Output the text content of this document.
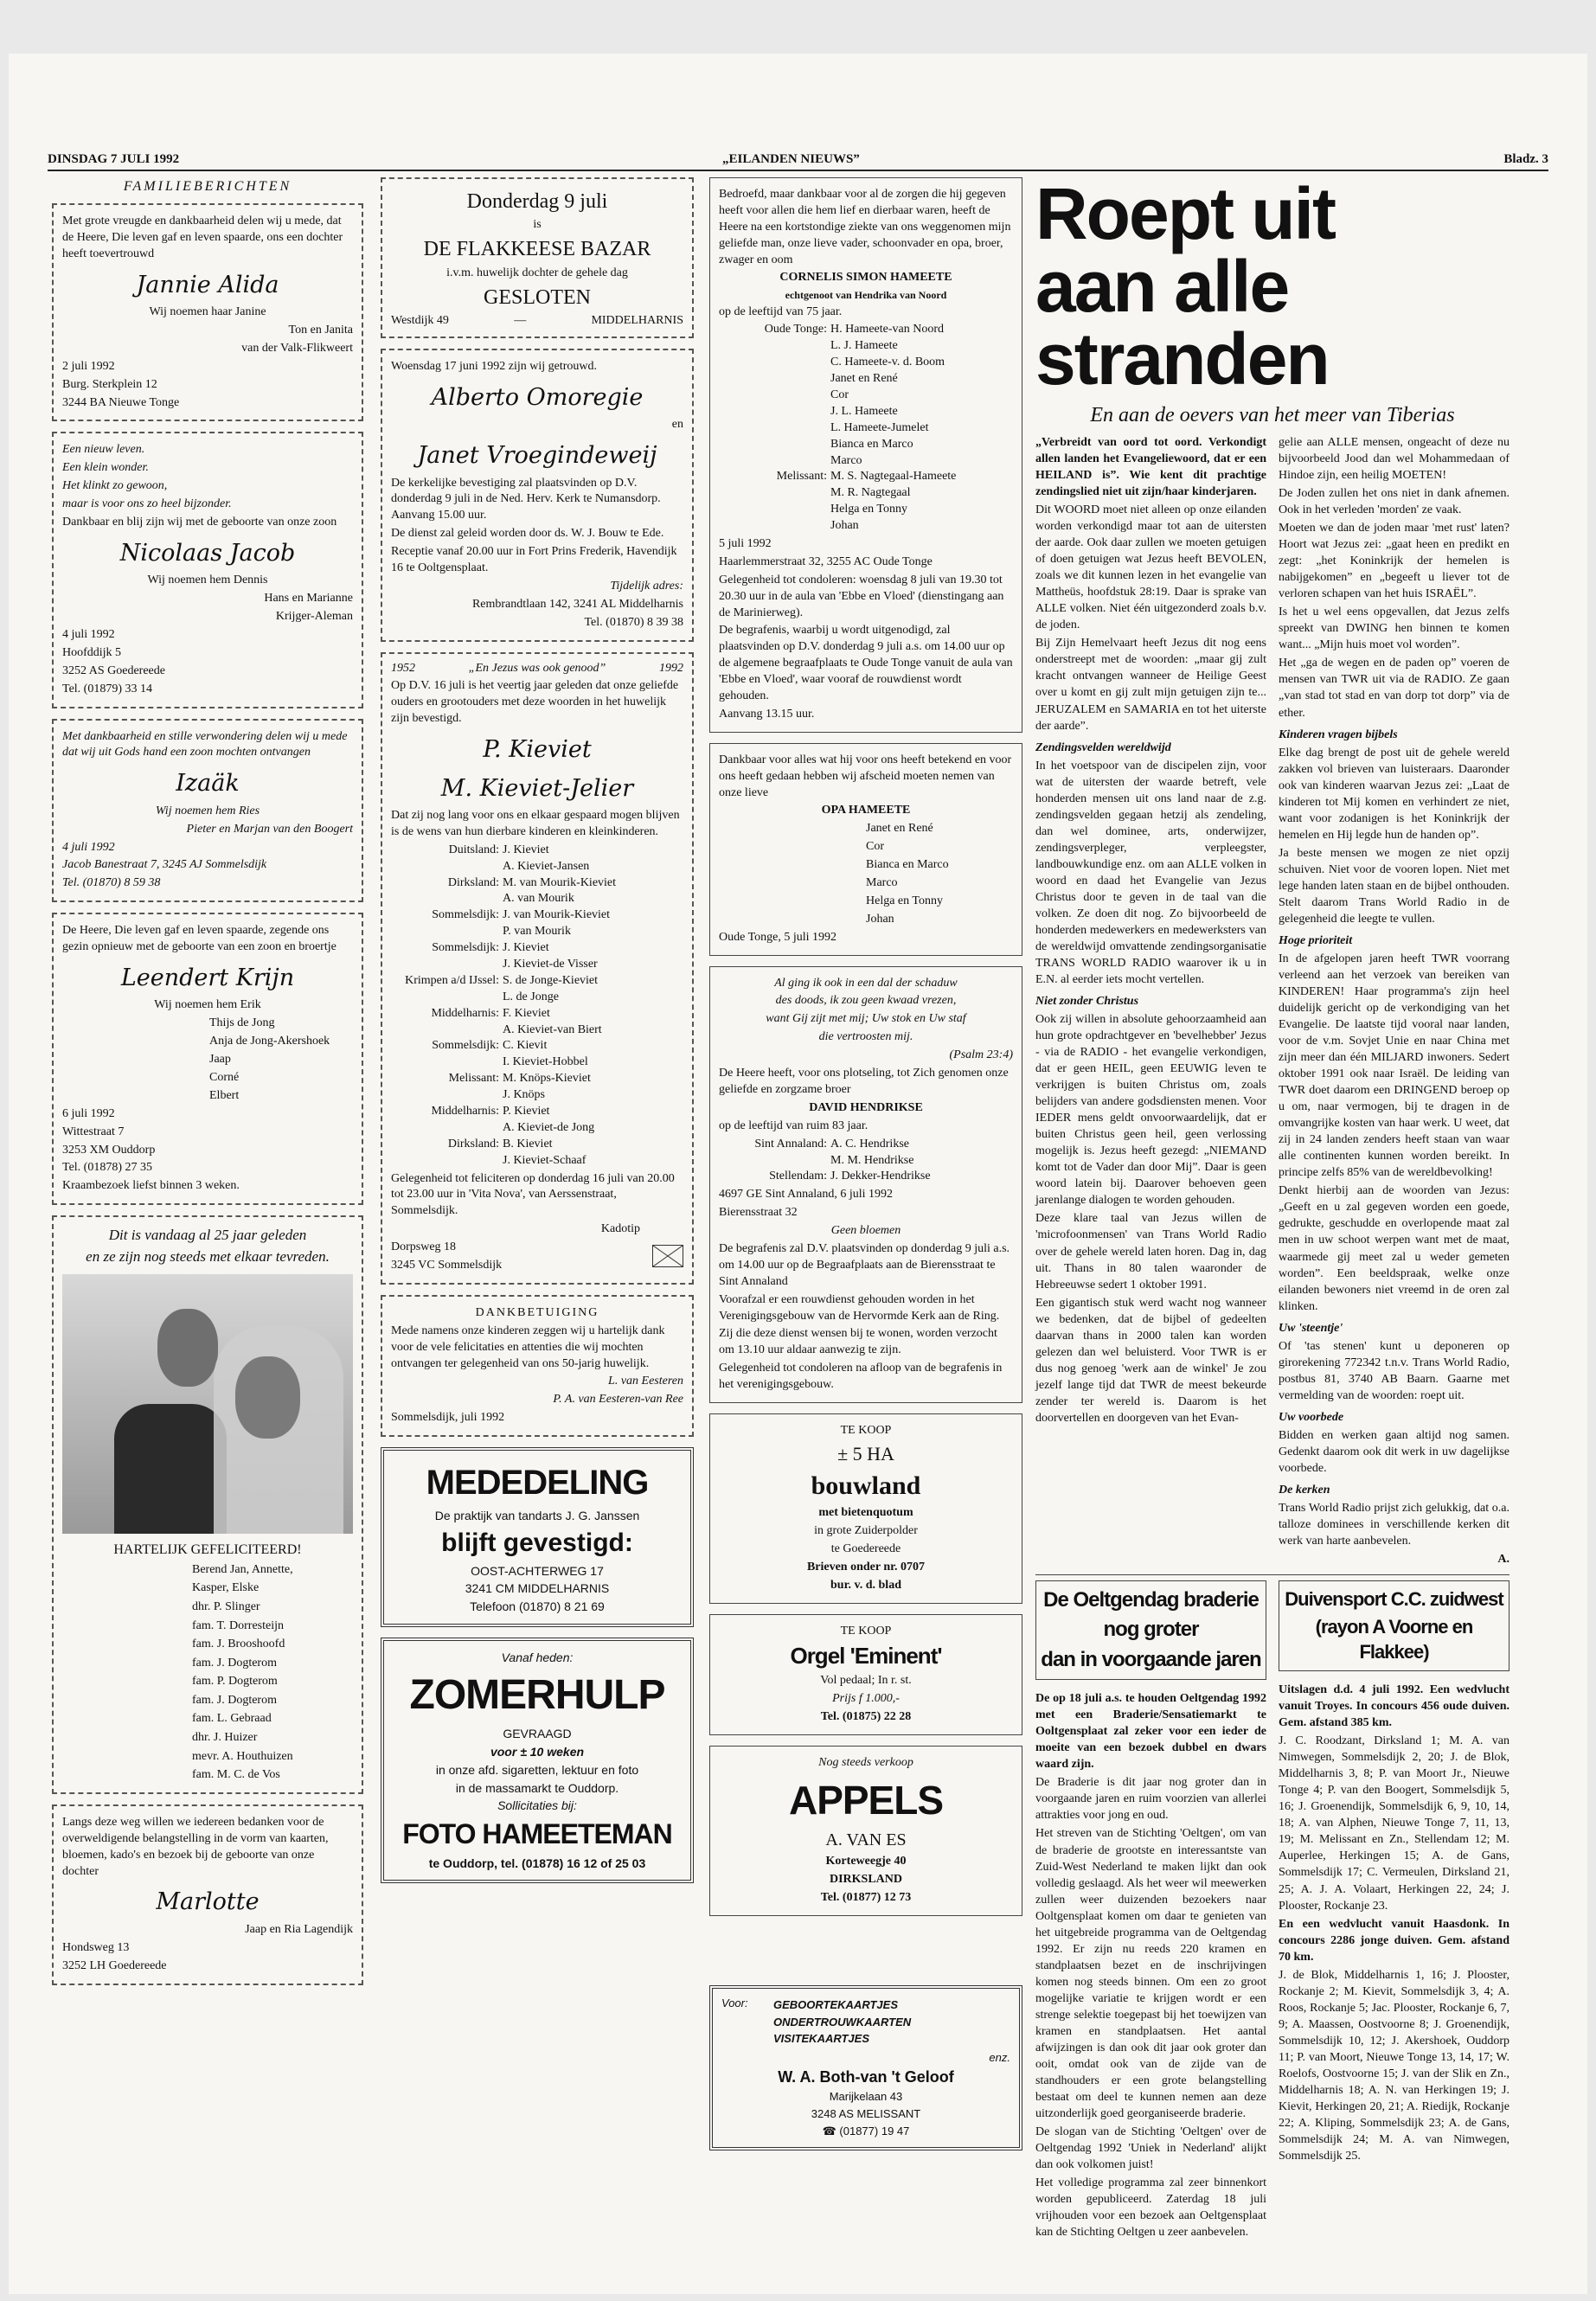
DINSDAG 7 JULI 1992	„EILANDEN NIEUWS”	Bladz. 3
FAMILIEBERICHTEN

Met grote vreugde en dankbaarheid delen wij u mede, dat de Heere, Die leven gaf en leven spaarde, ons een dochter heeft toevertrouwd

Jannie Alida

Wij noemen haar Janine

Ton en Janita

van der Valk-Flikweert

2 juli 1992

Burg. Sterkplein 12

3244 BA Nieuwe Tonge

Een nieuw leven.

Een klein wonder.

Het klinkt zo gewoon,

maar is voor ons zo heel bijzonder.

Dankbaar en blij zijn wij met de geboorte van onze zoon

Nicolaas Jacob

Wij noemen hem Dennis

Hans en Marianne

Krijger-Aleman

4 juli 1992

Hoofddijk 5

3252 AS Goedereede

Tel. (01879) 33 14

Met dankbaarheid en stille verwondering delen wij u mede dat wij uit Gods hand een zoon mochten ontvangen

Izaäk

Wij noemen hem Ries

Pieter en Marjan van den Boogert

4 juli 1992

Jacob Banestraat 7, 3245 AJ Sommelsdijk

Tel. (01870) 8 59 38

De Heere, Die leven gaf en leven spaarde, zegende ons gezin opnieuw met de geboorte van een zoon en broertje

Leendert Krijn

Wij noemen hem Erik

Thijs de Jong

Anja de Jong-Akershoek

Jaap

Corné

Elbert

6 juli 1992

Wittestraat 7

3253 XM Ouddorp

Tel. (01878) 27 35

Kraambezoek liefst binnen 3 weken.

Dit is vandaag al 25 jaar geleden

en ze zijn nog steeds met elkaar tevreden.

HARTELIJK GEFELICITEERD!

Berend Jan, Annette,

Kasper, Elske

dhr. P. Slinger

fam. T. Dorresteijn

fam. J. Brooshoofd

fam. J. Dogterom

fam. P. Dogterom

fam. J. Dogterom

fam. L. Gebraad

dhr. J. Huizer

mevr. A. Houthuizen

fam. M. C. de Vos

Langs deze weg willen we iedereen bedanken voor de overweldigende belangstelling in de vorm van kaarten, bloemen, kado's en bezoek bij de geboorte van onze dochter

Marlotte

Jaap en Ria Lagendijk

Hondsweg 13

3252 LH Goedereede

Donderdag 9 juli

is

DE FLAKKEESE BAZAR

i.v.m. huwelijk dochter de gehele dag

GESLOTEN

Westdijk 49	—	MIDDELHARNIS

Woensdag 17 juni 1992 zijn wij getrouwd.

Alberto Omoregie

en

Janet Vroegindeweij

De kerkelijke bevestiging zal plaatsvinden op D.V. donderdag 9 juli in de Ned. Herv. Kerk te Numansdorp. Aanvang 15.00 uur.

De dienst zal geleid worden door ds. W. J. Bouw te Ede.

Receptie vanaf 20.00 uur in Fort Prins Frederik, Havendijk 16 te Ooltgensplaat.

Tijdelijk adres:

Rembrandtlaan 142, 3241 AL Middelharnis

Tel. (01870) 8 39 38

1952	„En Jezus was ook genood”	1992

Op D.V. 16 juli is het veertig jaar geleden dat onze geliefde ouders en grootouders met deze woorden in het huwelijk zijn bevestigd.

P. Kieviet
M. Kieviet-Jelier

Dat zij nog lang voor ons en elkaar gespaard mogen blijven is de wens van hun dierbare kinderen en kleinkinderen.

Duitsland: J. Kieviet
A. Kieviet-Jansen
Dirksland: M. van Mourik-Kieviet
A. van Mourik
Sommelsdijk: J. van Mourik-Kieviet
P. van Mourik
Sommelsdijk: J. Kieviet
J. Kieviet-de Visser
Krimpen a/d IJssel: S. de Jonge-Kieviet
L. de Jonge
Middelharnis: F. Kieviet
A. Kieviet-van Biert
Sommelsdijk: C. Kievit
I. Kieviet-Hobbel
Melissant: M. Knöps-Kieviet
J. Knöps
Middelharnis: P. Kieviet
A. Kieviet-de Jong
Dirksland: B. Kieviet
J. Kieviet-Schaaf

Gelegenheid tot feliciteren op donderdag 16 juli van 20.00 tot 23.00 uur in 'Vita Nova', van Aerssenstraat, Sommelsdijk.

Kadotip

Dorpsweg 18

3245 VC Sommelsdijk

DANKBETUIGING

Mede namens onze kinderen zeggen wij u hartelijk dank voor de vele felicitaties en attenties die wij mochten ontvangen ter gelegenheid van ons 50-jarig huwelijk.

L. van Eesteren

P. A. van Eesteren-van Ree

Sommelsdijk, juli 1992

MEDEDELING

De praktijk van tandarts J. G. Janssen

blijft gevestigd:

OOST-ACHTERWEG 17

3241 CM MIDDELHARNIS

Telefoon (01870) 8 21 69

Vanaf heden:

ZOMERHULP

GEVRAAGD

voor ± 10 weken

in onze afd. sigaretten, lektuur en foto

in de massamarkt te Ouddorp.

Sollicitaties bij:

FOTO HAMEETEMAN

te Ouddorp, tel. (01878) 16 12 of 25 03

Bedroefd, maar dankbaar voor al de zorgen die hij gegeven heeft voor allen die hem lief en dierbaar waren, heeft de Heere na een kortstondige ziekte van ons weggenomen mijn geliefde man, onze lieve vader, schoonvader en opa, broer, zwager en oom

CORNELIS SIMON HAMEETE

echtgenoot van Hendrika van Noord

op de leeftijd van 75 jaar.

Oude Tonge: H. Hameete-van Noord
L. J. Hameete
C. Hameete-v. d. Boom
Janet en René
Cor
J. L. Hameete
L. Hameete-Jumelet
Bianca en Marco
Marco
Melissant: M. S. Nagtegaal-Hameete
M. R. Nagtegaal
Helga en Tonny
Johan

5 juli 1992

Haarlemmerstraat 32, 3255 AC Oude Tonge

Gelegenheid tot condoleren: woensdag 8 juli van 19.30 tot 20.30 uur in de aula van 'Ebbe en Vloed' (dienstingang aan de Marinierweg).

De begrafenis, waarbij u wordt uitgenodigd, zal plaatsvinden op D.V. donderdag 9 juli a.s. om 14.00 uur op de algemene begraafplaats te Oude Tonge vanuit de aula van 'Ebbe en Vloed', waar vooraf de rouwdienst wordt gehouden.

Aanvang 13.15 uur.

Dankbaar voor alles wat hij voor ons heeft betekend en voor ons heeft gedaan hebben wij afscheid moeten nemen van onze lieve

OPA HAMEETE

Janet en René

Cor

Bianca en Marco

Marco

Helga en Tonny

Johan

Oude Tonge, 5 juli 1992

Al ging ik ook in een dal der schaduw

des doods, ik zou geen kwaad vrezen,

want Gij zijt met mij; Uw stok en Uw staf

die vertroosten mij.

(Psalm 23:4)

De Heere heeft, voor ons plotseling, tot Zich genomen onze geliefde en zorgzame broer

DAVID HENDRIKSE

op de leeftijd van ruim 83 jaar.

Sint Annaland: A. C. Hendrikse
M. M. Hendrikse
Stellendam: J. Dekker-Hendrikse

4697 GE Sint Annaland, 6 juli 1992

Bierensstraat 32

Geen bloemen

De begrafenis zal D.V. plaatsvinden op donderdag 9 juli a.s. om 14.00 uur op de Begraafplaats aan de Bierensstraat te Sint Annaland

Voorafzal er een rouwdienst gehouden worden in het Verenigingsgebouw van de Hervormde Kerk aan de Ring.

Zij die deze dienst wensen bij te wonen, worden verzocht om 13.10 uur aldaar aanwezig te zijn.

Gelegenheid tot condoleren na afloop van de begrafenis in het verenigingsgebouw.

TE KOOP

± 5 HA

bouwland

met bietenquotum

in grote Zuiderpolder

te Goedereede

Brieven onder nr. 0707

bur. v. d. blad

TE KOOP

Orgel 'Eminent'

Vol pedaal; In r. st.

Prijs f 1.000,-

Tel. (01875) 22 28

Nog steeds verkoop

APPELS

A. VAN ES

Korteweegje 40

DIRKSLAND

Tel. (01877) 12 73

Roept uit
aan alle stranden
En aan de oevers van het meer van Tiberias

„Verbreidt van oord tot oord. Verkondigt allen landen het Evangeliewoord, dat er een HEILAND is”. Wie kent dit prachtige zendingslied niet uit zijn/haar kinderjaren.

Dit WOORD moet niet alleen op onze eilanden worden verkondigd maar tot aan de uitersten der aarde. Ook daar zullen we moeten getuigen of doen getuigen wat Jezus heeft BEVOLEN, zoals we dit kunnen lezen in het evangelie van Mattheüs, hoofdstuk 28:19. Daar is sprake van ALLE volken. Niet één uitgezonderd zoals b.v. de joden.

Bij Zijn Hemelvaart heeft Jezus dit nog eens onderstreept met de woorden: „maar gij zult kracht ontvangen wanneer de Heilige Geest over u komt en gij zult mijn getuigen zijn te... JERUZALEM en SAMARIA en tot het uiterste der aarde”.

Zendingsvelden wereldwijd

In het voetspoor van de discipelen zijn, voor wat de uitersten der waarde betreft, vele honderden mensen uit ons land naar de z.g. zendingsvelden gegaan hetzij als zendeling, dan wel dominee, arts, onderwijzer, zendingsverpleger, verpleegster, landbouwkundige enz. om aan ALLE volken in woord en daad het Evangelie van Jezus Christus door te geven in de taal van die volken. Ze doen dit nog. Zo bijvoorbeeld de honderden medewerkers en medewerksters van de wereldwijd omvattende zendingsorganisatie TRANS WORLD RADIO waarover ik u in E.N. al eerder iets mocht vertellen.

Niet zonder Christus

Ook zij willen in absolute gehoorzaamheid aan hun grote opdrachtgever en 'bevelhebber' Jezus - via de RADIO - het evangelie verkondigen, dat er geen HEIL, geen EEUWIG leven te verkrijgen is buiten Christus om, zoals belijders van andere godsdiensten menen. Voor IEDER mens geldt onvoorwaardelijk, dat er buiten Christus geen heil, geen verlossing mogelijk is. Jezus heeft gezegd: „NIEMAND komt tot de Vader dan door Mij”. Daar is geen woord latein bij. Daarover behoeven geen jarenlange dialogen te worden gehouden.

Deze klare taal van Jezus willen de 'microfoonmensen' van Trans World Radio over de gehele wereld laten horen. Dag in, dag uit. Thans in 80 talen waaronder de Hebreeuwse sedert 1 oktober 1991.

Een gigantisch stuk werd wacht nog wanneer we bedenken, dat de bijbel of gedeelten daarvan thans in 2000 talen kan worden gelezen dan wel beluisterd. Voor TWR is er dus nog genoeg 'werk aan de winkel' Je zou jezelf lange tijd dat TWR de meest bekeurde zender ter wereld is. Daarom is het doorvertellen en doorgeven van het Evan-

gelie aan ALLE mensen, ongeacht of deze nu bijvoorbeeld Jood dan wel Mohammedaan of Hindoe zijn, een heilig MOETEN!

De Joden zullen het ons niet in dank afnemen. Ook in het verleden 'morden' ze vaak.

Moeten we dan de joden maar 'met rust' laten? Hoort wat Jezus zei: „gaat heen en predikt en zegt: „het Koninkrijk der hemelen is nabijgekomen” en „begeeft u liever tot de verloren schapen van het huis ISRAËL”.

Is het u wel eens opgevallen, dat Jezus zelfs spreekt van DWING hen binnen te komen want... „Mijn huis moet vol worden”.

Het „ga de wegen en de paden op” voeren de mensen van TWR uit via de RADIO. Ze gaan „van stad tot stad en van dorp tot dorp” via de ether.

Kinderen vragen bijbels

Elke dag brengt de post uit de gehele wereld zakken vol brieven van luisteraars. Daaronder ook van kinderen waarvan Jezus zei: „Laat de kinderen tot Mij komen en verhindert ze niet, want voor zodanigen is het Koninkrijk der hemelen en Hij legde hun de handen op”.

Ja beste mensen we mogen ze niet opzij schuiven. Niet voor de vooren lopen. Niet met lege handen laten staan en de bijbel onthouden. Stelt daarom Trans World Radio in de gelegenheid die leegte te vullen.

Hoge prioriteit

In de afgelopen jaren heeft TWR voorrang verleend aan het verzoek van bereiken van KINDEREN! Haar programma's zijn heel duidelijk gericht op de verkondiging van het Evangelie. De laatste tijd vooral naar landen, voor de v.m. Sovjet Unie en naar China met zijn meer dan één MILJARD inwoners. Sedert oktober 1991 ook naar Israël. De leiding van TWR doet daarom een DRINGEND beroep op u om, naar vermogen, bij te dragen in de omvangrijke kosten van haar werk. U weet, dat zij in 24 landen zenders heeft staan van waar alle continenten kunnen worden bereikt. In principe zelfs 85% van de wereldbevolking!

Denkt hierbij aan de woorden van Jezus: „Geeft en u zal gegeven worden een goede, gedrukte, geschudde en overlopende maat zal men in uw schoot werpen want met de maat, waarmede gij meet zal u weder gemeten worden”. Een beeldspraak, welke onze eilanden bewoners niet vreemd in de oren zal klinken.

Uw 'steentje'

Of 'tas stenen' kunt u deponeren op girorekening 772342 t.n.v. Trans World Radio, postbus 81, 3740 AB Baarn. Gaarne met vermelding van de woorden: roept uit.

Uw voorbede

Bidden en werken gaan altijd nog samen. Gedenkt daarom ook dit werk in uw dagelijkse voorbede.

De kerken

Trans World Radio prijst zich gelukkig, dat o.a. talloze dominees in verschillende kerken dit werk van harte aanbevelen.

A.

De Oeltgendag braderie

nog groter

dan in voorgaande jaren

De op 18 juli a.s. te houden Oeltgendag 1992 met een Braderie/Sensatiemarkt te Ooltgensplaat zal zeker voor een ieder de moeite van een bezoek dubbel en dwars waard zijn.

De Braderie is dit jaar nog groter dan in voorgaande jaren en ruim voorzien van allerlei attrakties voor jong en oud.

Het streven van de Stichting 'Oeltgen', om van de braderie de grootste en interessantste van Zuid-West Nederland te maken lijkt dan ook volledig geslaagd. Als het weer wil meewerken zullen weer duizenden bezoekers naar Ooltgensplaat komen om daar te genieten van het uitgebreide programma van de Oeltgendag 1992. Er zijn nu reeds 220 kramen en standplaatsen bezet en de inschrijvingen komen nog steeds binnen. Om een zo groot mogelijke variatie te krijgen wordt er een strenge selektie toegepast bij het toewijzen van kramen en standplaatsen. Het aantal afwijzingen is dan ook dit jaar ook groter dan ooit, omdat ook van de zijde van de standhouders er een grote belangstelling bestaat om deel te kunnen nemen aan deze uitzonderlijk goed georganiseerde braderie.

De slogan van de Stichting 'Oeltgen' over de Oeltgendag 1992 'Uniek in Nederland' alijkt dan ook volkomen juist!

Het volledige programma zal zeer binnenkort worden gepubliceerd. Zaterdag 18 juli vrijhouden voor een bezoek aan Oeltgensplaat kan de Stichting Oeltgen u zeer aanbevelen.

Duivensport C.C. zuidwest

(rayon A Voorne en Flakkee)

Uitslagen d.d. 4 juli 1992. Een wedvlucht vanuit Troyes. In concours 456 oude duiven. Gem. afstand 385 km.

J. C. Roodzant, Dirksland 1; M. A. van Nimwegen, Sommelsdijk 2, 20; J. de Blok, Middelharnis 3, 8; P. van Moort Jr., Nieuwe Tonge 4; P. van den Boogert, Sommelsdijk 5, 16; J. Groenendijk, Sommelsdijk 6, 9, 10, 14, 18; A. van Alphen, Nieuwe Tonge 7, 11, 13, 19; M. Melissant en Zn., Stellendam 12; M. Auperlee, Herkingen 15; A. de Gans, Sommelsdijk 17; C. Vermeulen, Dirksland 21, 25; A. J. A. Volaart, Herkingen 22, 24; J. Plooster, Rockanje 23.

En een wedvlucht vanuit Haasdonk. In concours 2286 jonge duiven. Gem. afstand 70 km.

J. de Blok, Middelharnis 1, 16; J. Plooster, Rockanje 2; M. Kievit, Sommelsdijk 3, 4; A. Roos, Rockanje 5; Jac. Plooster, Rockanje 6, 7, 9; A. Maassen, Oostvoorne 8; J. Groenendijk, Sommelsdijk 10, 12; J. Akershoek, Ouddorp 11; P. van Moort, Nieuwe Tonge 13, 14, 17; W. Roelofs, Oostvoorne 15; J. van der Slik en Zn., Middelharnis 18; A. N. van Herkingen 19; J. Kievit, Herkingen 20, 21; A. Riedijk, Rockanje 22; A. Kliping, Sommelsdijk 23; A. de Gans, Sommelsdijk 24; M. A. van Nimwegen, Sommelsdijk 25.

Voor:	GEBOORTEKAARTJES

ONDERTROUWKAARTEN

VISITEKAARTJES

enz.

W. A. Both-van 't Geloof

Marijkelaan 43

3248 AS MELISSANT

☎ (01877) 19 47
